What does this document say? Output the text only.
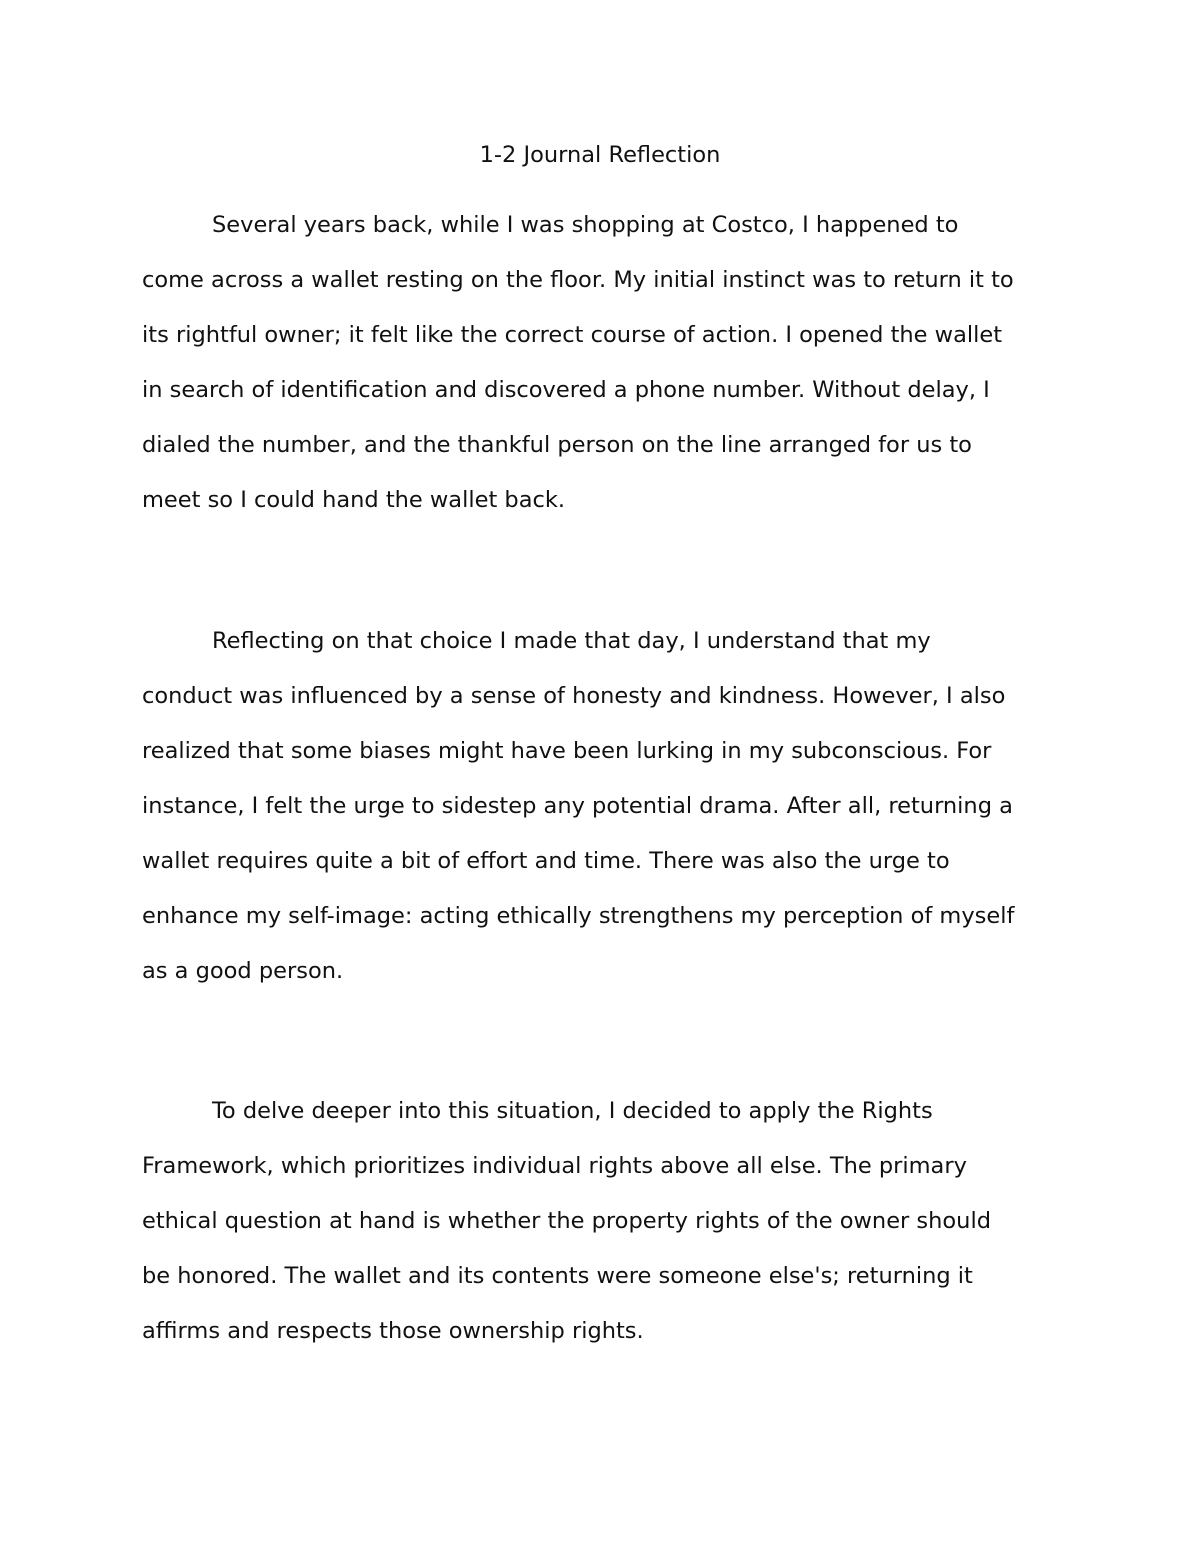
1-2 Journal Reflection
Several years back, while I was shopping at Costco, I happened to
come across a wallet resting on the floor. My initial instinct was to return it to
its rightful owner; it felt like the correct course of action. I opened the wallet
in search of identification and discovered a phone number. Without delay, I
dialed the number, and the thankful person on the line arranged for us to
meet so I could hand the wallet back.
Reflecting on that choice I made that day, I understand that my
conduct was influenced by a sense of honesty and kindness. However, I also
realized that some biases might have been lurking in my subconscious. For
instance, I felt the urge to sidestep any potential drama. After all, returning a
wallet requires quite a bit of effort and time. There was also the urge to
enhance my self-image: acting ethically strengthens my perception of myself
as a good person.
To delve deeper into this situation, I decided to apply the Rights
Framework, which prioritizes individual rights above all else. The primary
ethical question at hand is whether the property rights of the owner should
be honored. The wallet and its contents were someone else's; returning it
affirms and respects those ownership rights.
